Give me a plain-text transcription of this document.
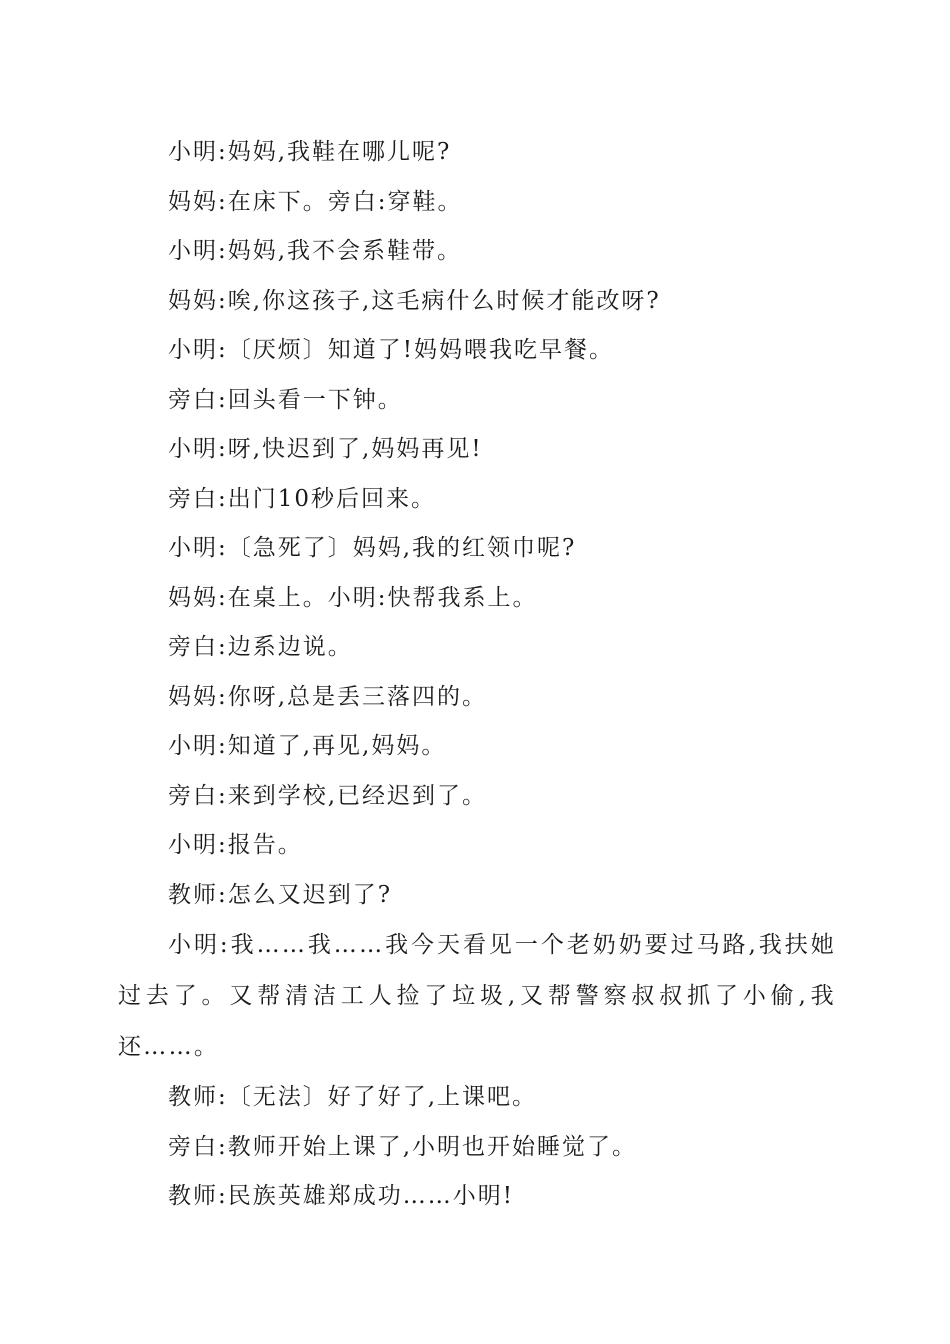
小明:妈妈,我鞋在哪儿呢?

妈妈:在床下。旁白:穿鞋。

小明:妈妈,我不会系鞋带。

妈妈:唉,你这孩子,这毛病什么时候才能改呀?

小明:〔厌烦〕知道了!妈妈喂我吃早餐。

旁白:回头看一下钟。

小明:呀,快迟到了,妈妈再见!

旁白:出门10秒后回来。

小明:〔急死了〕妈妈,我的红领巾呢?

妈妈:在桌上。小明:快帮我系上。

旁白:边系边说。

妈妈:你呀,总是丢三落四的。

小明:知道了,再见,妈妈。

旁白:来到学校,已经迟到了。

小明:报告。

教师:怎么又迟到了?

小明:我……我……我今天看见一个老奶奶要过马路,我扶她过去了。又帮清洁工人捡了垃圾,又帮警察叔叔抓了小偷,我还……。

教师:〔无法〕好了好了,上课吧。

旁白:教师开始上课了,小明也开始睡觉了。

教师:民族英雄郑成功……小明!
